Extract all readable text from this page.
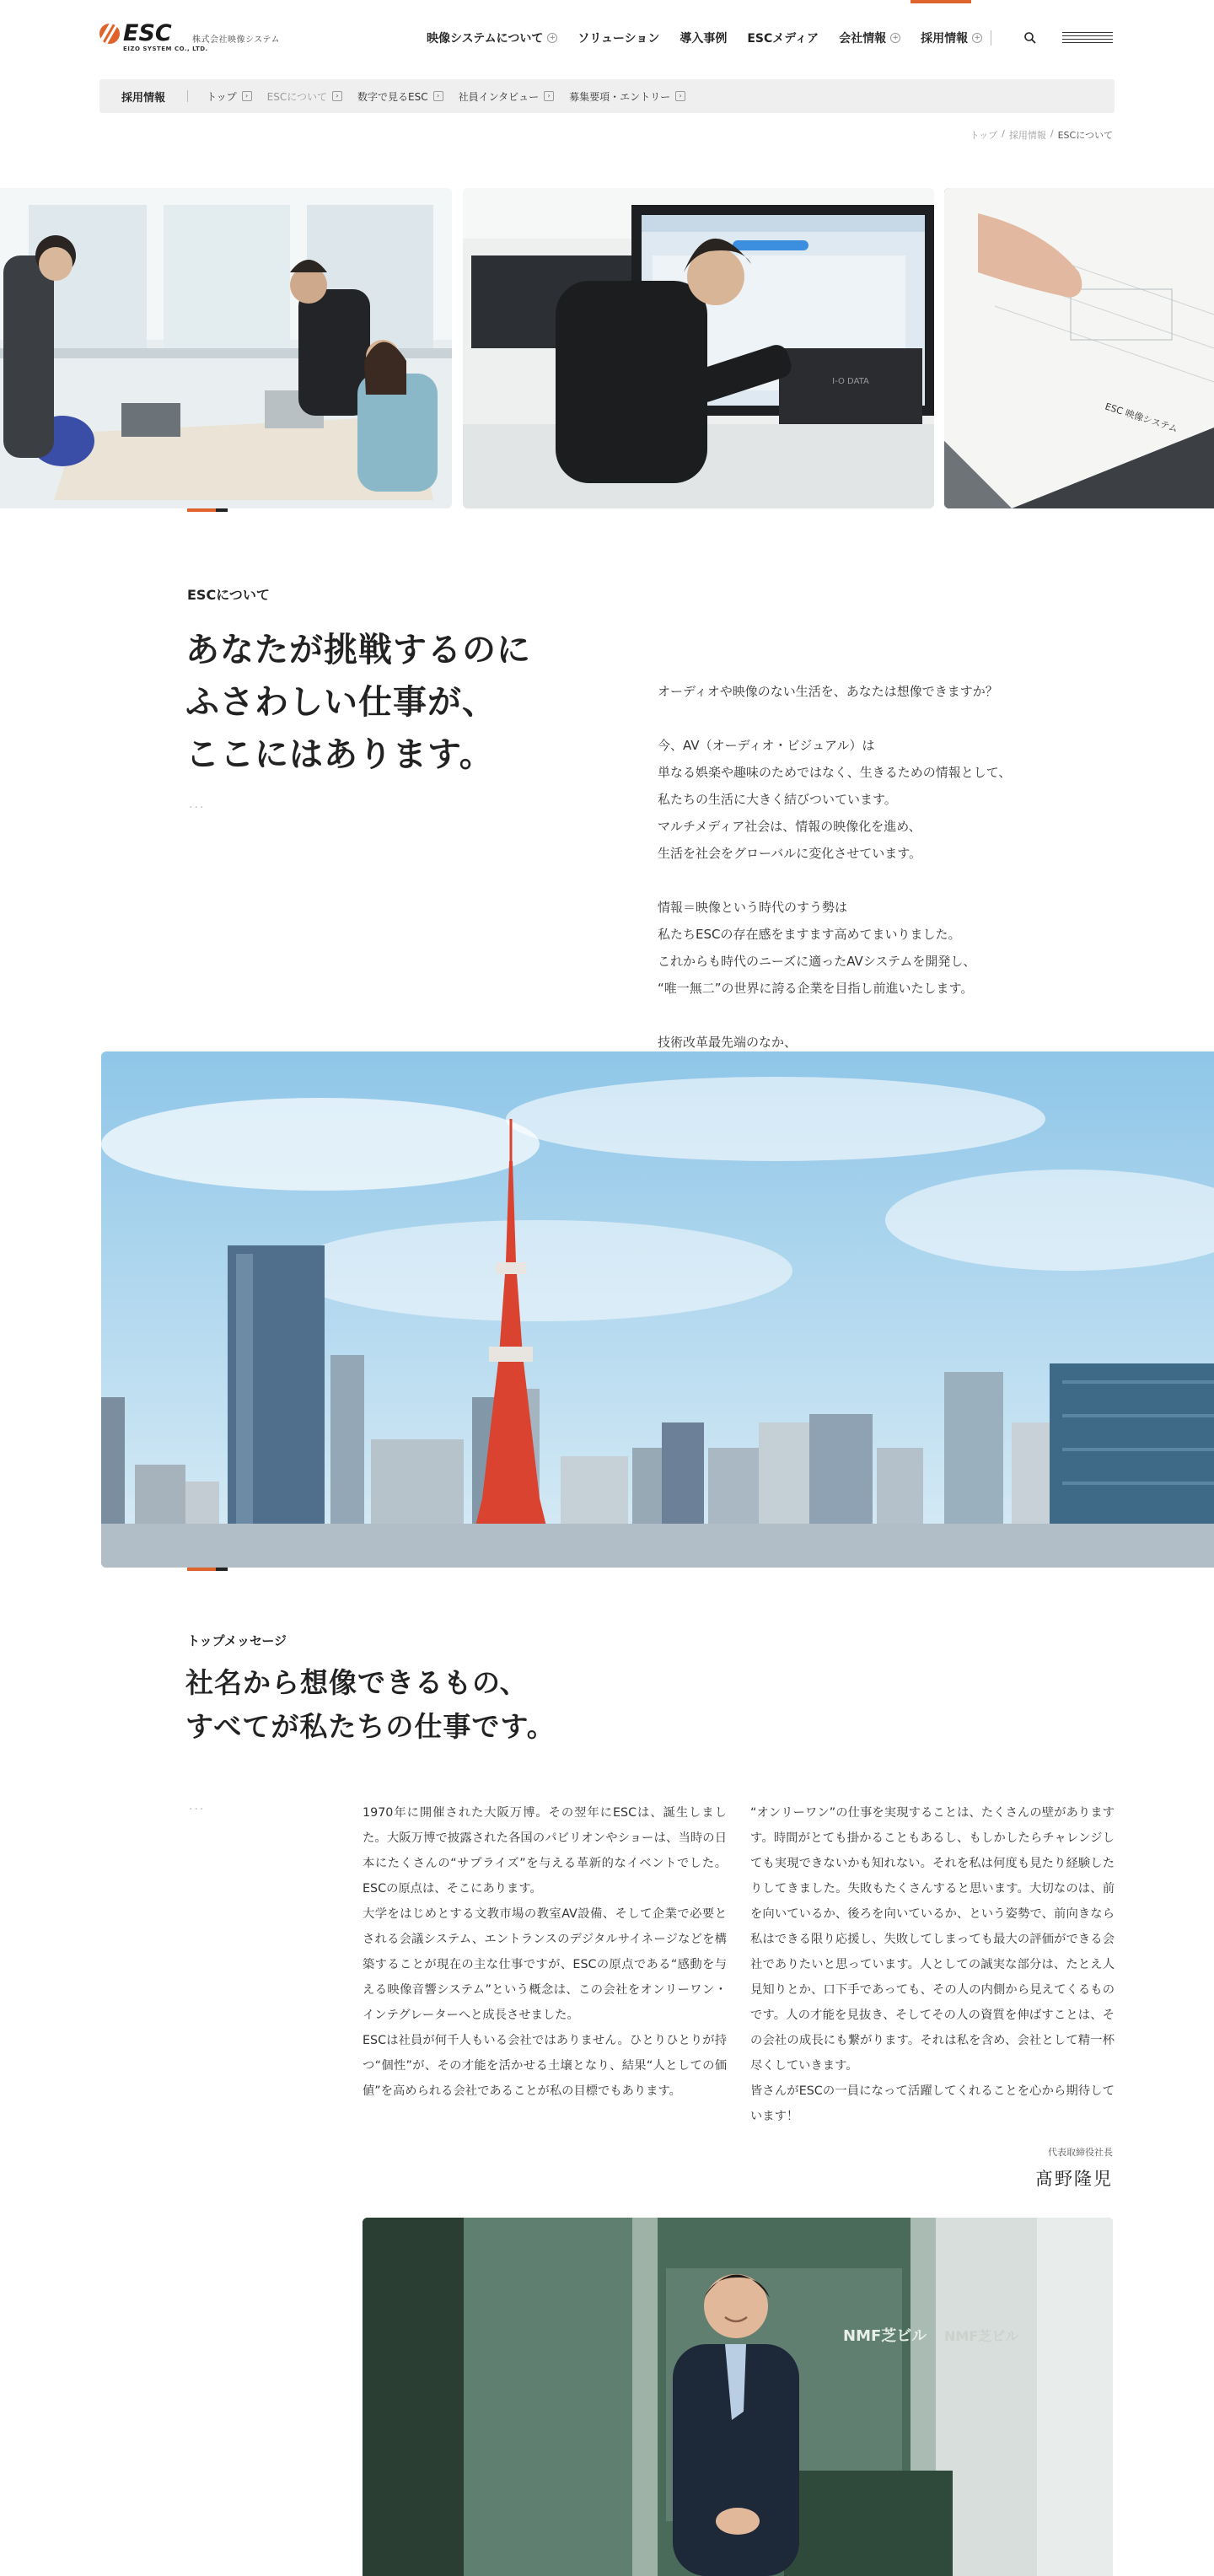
ESC
EIZO SYSTEM CO., LTD.
株式会社映像システム	映像システムについて + ソリューション 導入事例 ESCメディア 会社情報 + 採用情報 +
採用情報	トップ	›	ESCについて	›	数字で見るESC	›	社員インタビュー	›	募集要項・エントリー	›
トップ / 採用情報 / ESCについて
I-O DATA
ESC 映像システム
ESCについて
あなたが挑戦するのに
ふさわしい仕事が、
ここにはあります。
...
オーディオや映像のない生活を、あなたは想像できますか？
今、AV（オーディオ・ビジュアル）は
単なる娯楽や趣味のためではなく、生きるための情報として、
私たちの生活に大きく結びついています。
マルチメディア社会は、情報の映像化を進め、
生活を社会をグローバルに変化させています。
情報＝映像という時代のすう勢は
私たちESCの存在感をますます高めてまいりました。
これからも時代のニーズに適ったAVシステムを開発し、
“唯一無二”の世界に誇る企業を目指し前進いたします。
技術改革最先端のなか、
トップメッセージ
社名から想像できるもの、
すべてが私たちの仕事です。
...	1970年に開催された大阪万博。その翌年にESCは、誕生しました。大阪万博で披露された各国のパビリオンやショーは、当時の日本にたくさんの“サプライズ”を与える革新的なイベントでした。ESCの原点は、そこにあります。

大学をはじめとする文教市場の教室AV設備、そして企業で必要とされる会議システム、エントランスのデジタルサイネージなどを構築することが現在の主な仕事ですが、ESCの原点である“感動を与える映像音響システム”という概念は、この会社をオンリーワン・インテグレーターへと成長させました。

ESCは社員が何千人もいる会社ではありません。ひとりひとりが持つ“個性”が、その才能を活かせる土壌となり、結果“人としての価値”を高められる会社であることが私の目標でもあります。

“オンリーワン”の仕事を実現することは、たくさんの壁がありますす。時間がとても掛かることもあるし、もしかしたらチャレンジしても実現できないかも知れない。それを私は何度も見たり経験したりしてきました。失敗もたくさんすると思います。大切なのは、前を向いているか、後ろを向いているか、という姿勢で、前向きなら私はできる限り応援し、失敗してしまっても最大の評価ができる会社でありたいと思っています。人としての誠実な部分は、たとえ人見知りとか、口下手であっても、その人の内側から見えてくるものです。人の才能を見抜き、そしてその人の資質を伸ばすことは、その会社の成長にも繋がります。それは私を含め、会社として精一杯尽くしていきます。

皆さんがESCの一員になって活躍してくれることを心から期待しています！

代表取締役社長
髙野隆児
NMF芝ビル NMF芝ビル
